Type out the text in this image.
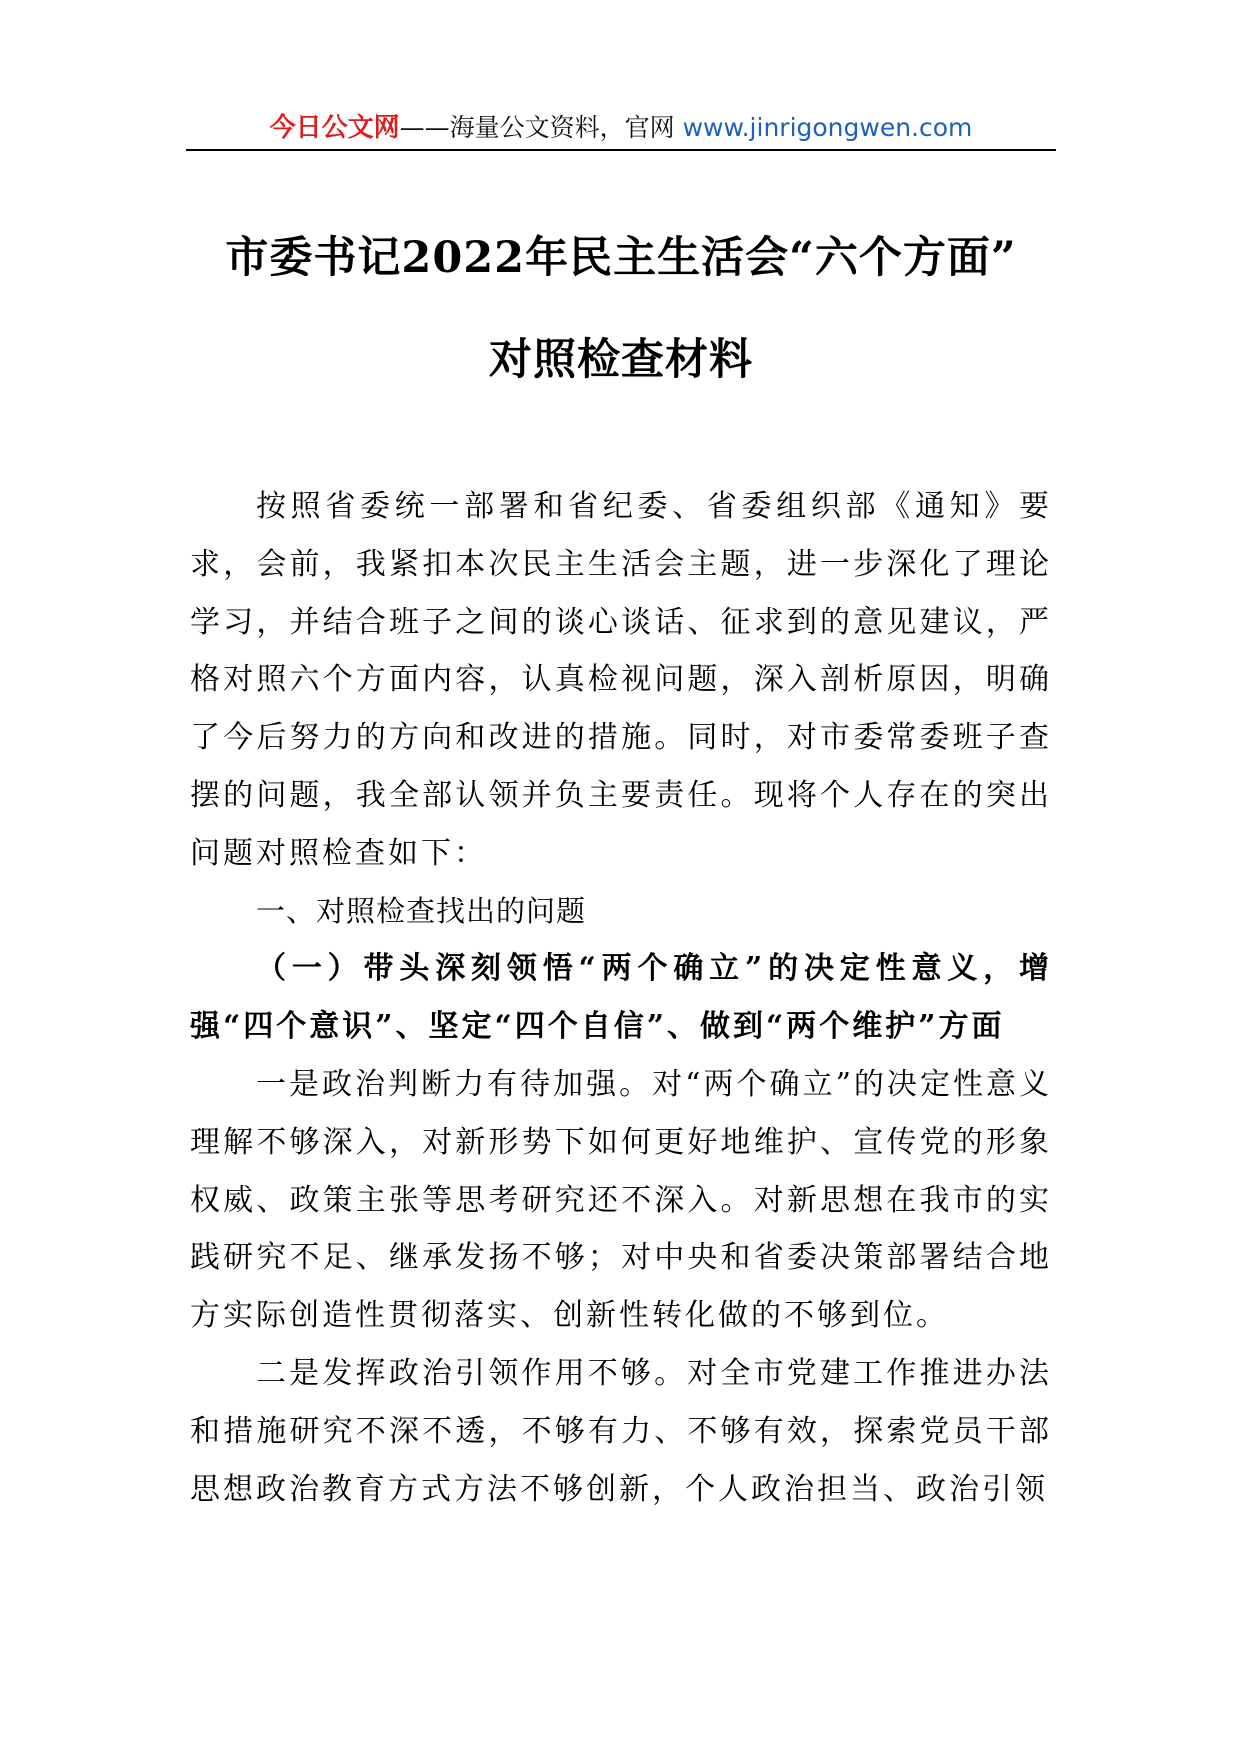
今日公文网——海量公文资料，官网 www.jinrigongwen.com
市委书记2022年民主生活会“六个方面”
对照检查材料

按照省委统一部署和省纪委、省委组织部《通知》要求，会前，我紧扣本次民主生活会主题，进一步深化了理论学习，并结合班子之间的谈心谈话、征求到的意见建议，严格对照六个方面内容，认真检视问题，深入剖析原因，明确了今后努力的方向和改进的措施。同时，对市委常委班子查摆的问题，我全部认领并负主要责任。现将个人存在的突出问题对照检查如下：

一、对照检查找出的问题

（一）带头深刻领悟“两个确立”的决定性意义，增强“四个意识”、坚定“四个自信”、做到“两个维护”方面

一是政治判断力有待加强。对“两个确立”的决定性意义理解不够深入，对新形势下如何更好地维护、宣传党的形象权威、政策主张等思考研究还不深入。对新思想在我市的实践研究不足、继承发扬不够；对中央和省委决策部署结合地方实际创造性贯彻落实、创新性转化做的不够到位。

二是发挥政治引领作用不够。对全市党建工作推进办法和措施研究不深不透，不够有力、不够有效，探索党员干部思想政治教育方式方法不够创新，个人政治担当、政治引领
